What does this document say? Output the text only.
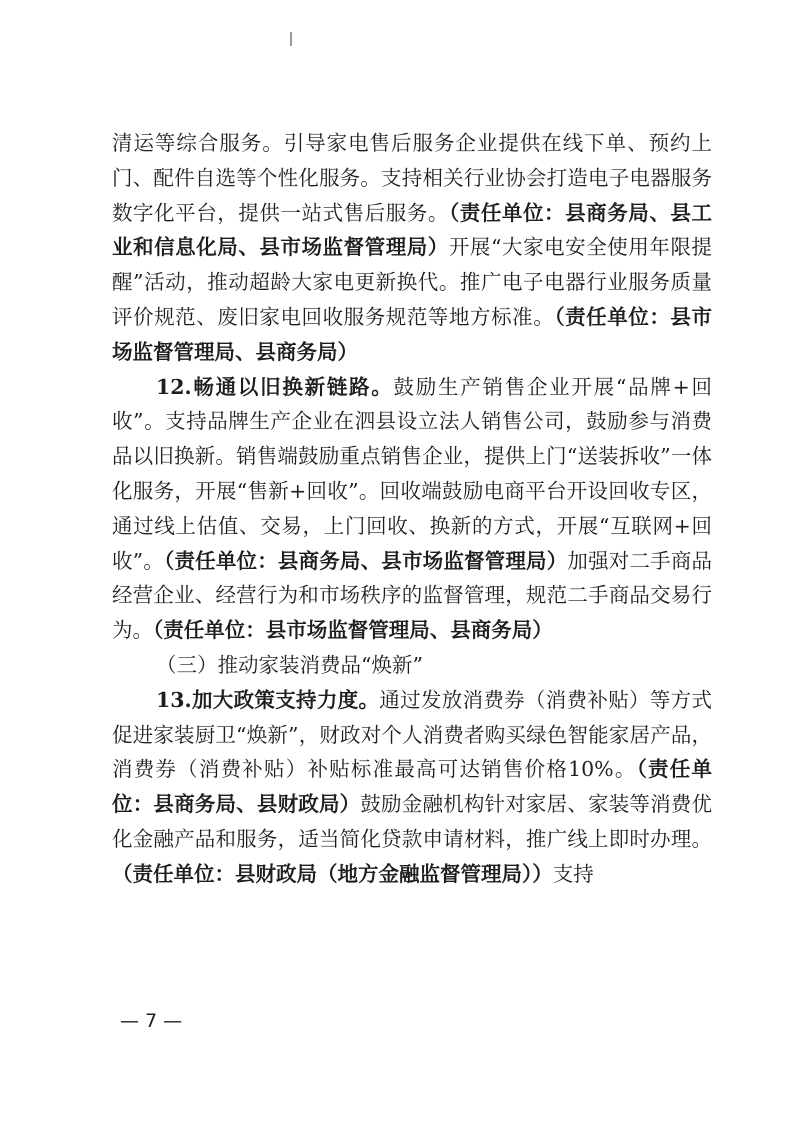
清运等综合服务。引导家电售后服务企业提供在线下单、预约上门、配件自选等个性化服务。支持相关行业协会打造电子电器服务数字化平台，提供一站式售后服务。（责任单位：县商务局、县工业和信息化局、县市场监督管理局）开展“大家电安全使用年限提醒”活动，推动超龄大家电更新换代。推广电子电器行业服务质量评价规范、废旧家电回收服务规范等地方标准。（责任单位：县市场监督管理局、县商务局）

12.畅通以旧换新链路。鼓励生产销售企业开展“品牌+回收”。支持品牌生产企业在泗县设立法人销售公司，鼓励参与消费品以旧换新。销售端鼓励重点销售企业，提供上门“送装拆收”一体化服务，开展“售新+回收”。回收端鼓励电商平台开设回收专区，通过线上估值、交易，上门回收、换新的方式，开展“互联网+回收”。（责任单位：县商务局、县市场监督管理局）加强对二手商品经营企业、经营行为和市场秩序的监督管理，规范二手商品交易行为。（责任单位：县市场监督管理局、县商务局）

（三）推动家装消费品“焕新”

13.加大政策支持力度。通过发放消费券（消费补贴）等方式促进家装厨卫“焕新”，财政对个人消费者购买绿色智能家居产品，消费券（消费补贴）补贴标准最高可达销售价格10%。（责任单位：县商务局、县财政局）鼓励金融机构针对家居、家装等消费优化金融产品和服务，适当简化贷款申请材料，推广线上即时办理。（责任单位：县财政局（地方金融监督管理局））支持

— 7 —
